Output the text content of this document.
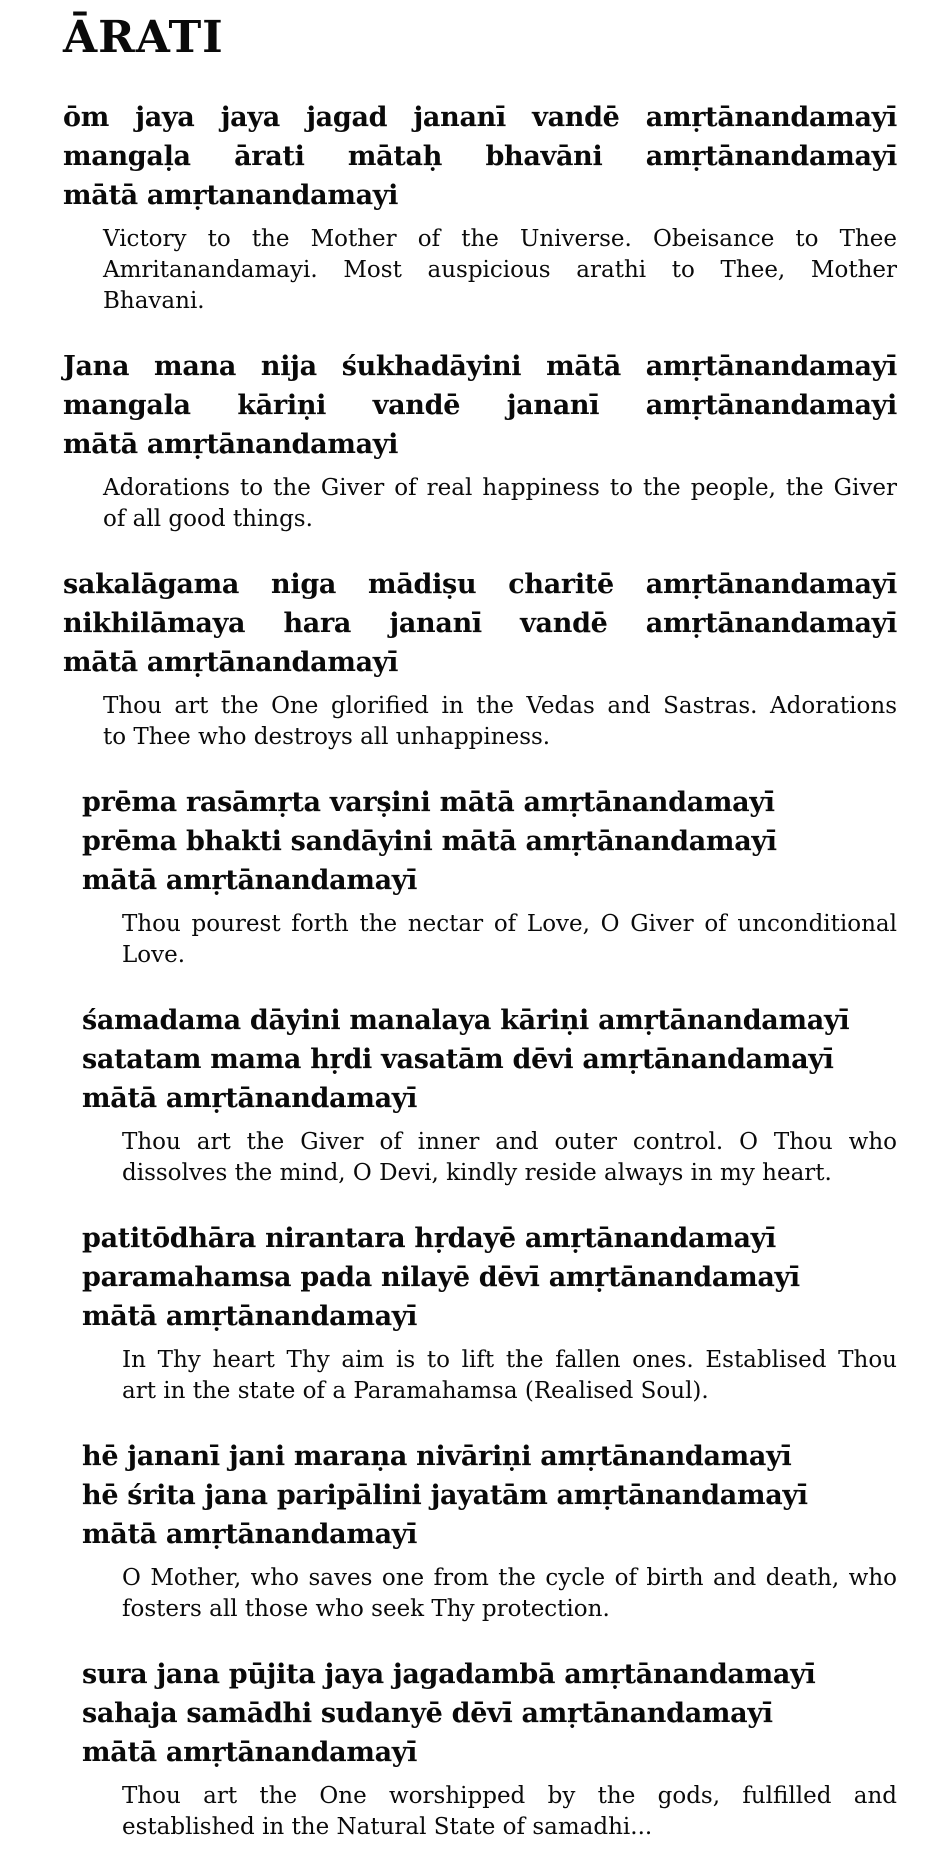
ĀRATI
ōm jaya jaya jagad jananī vandē amṛtānandamayī
mangaḷa ārati mātaḥ bhavāni amṛtānandamayī
mātā amṛtanandamayi
Victory to the Mother of the Universe. Obeisance to Thee
Amritanandamayi. Most auspicious arathi to Thee, Mother
Bhavani.
Jana mana nija śukhadāyini mātā amṛtānandamayī
mangala kāriṇi vandē jananī amṛtānandamayi
mātā amṛtānandamayi
Adorations to the Giver of real happiness to the people, the Giver
of all good things.
sakalāgama niga mādiṣu charitē amṛtānandamayī
nikhilāmaya hara jananī vandē amṛtānandamayī
mātā amṛtānandamayī
Thou art the One glorified in the Vedas and Sastras. Adorations
to Thee who destroys all unhappiness.
prēma rasāmṛta varṣini mātā amṛtānandamayī
prēma bhakti sandāyini mātā amṛtānandamayī
mātā amṛtānandamayī
Thou pourest forth the nectar of Love, O Giver of unconditional
Love.
śamadama dāyini manalaya kāriṇi amṛtānandamayī
satatam mama hṛdi vasatām dēvi amṛtānandamayī
mātā amṛtānandamayī
Thou art the Giver of inner and outer control. O Thou who
dissolves the mind, O Devi, kindly reside always in my heart.
patitōdhāra nirantara hṛdayē amṛtānandamayī
paramahamsa pada nilayē dēvī amṛtānandamayī
mātā amṛtānandamayī
In Thy heart Thy aim is to lift the fallen ones. Establised Thou
art in the state of a Paramahamsa (Realised Soul).
hē jananī jani maraṇa nivāriṇi amṛtānandamayī
hē śrita jana paripālini jayatām amṛtānandamayī
mātā amṛtānandamayī
O Mother, who saves one from the cycle of birth and death, who
fosters all those who seek Thy protection.
sura jana pūjita jaya jagadambā amṛtānandamayī
sahaja samādhi sudanyē dēvī amṛtānandamayī
mātā amṛtānandamayī
Thou art the One worshipped by the gods, fulfilled and
established in the Natural State of samadhi...
